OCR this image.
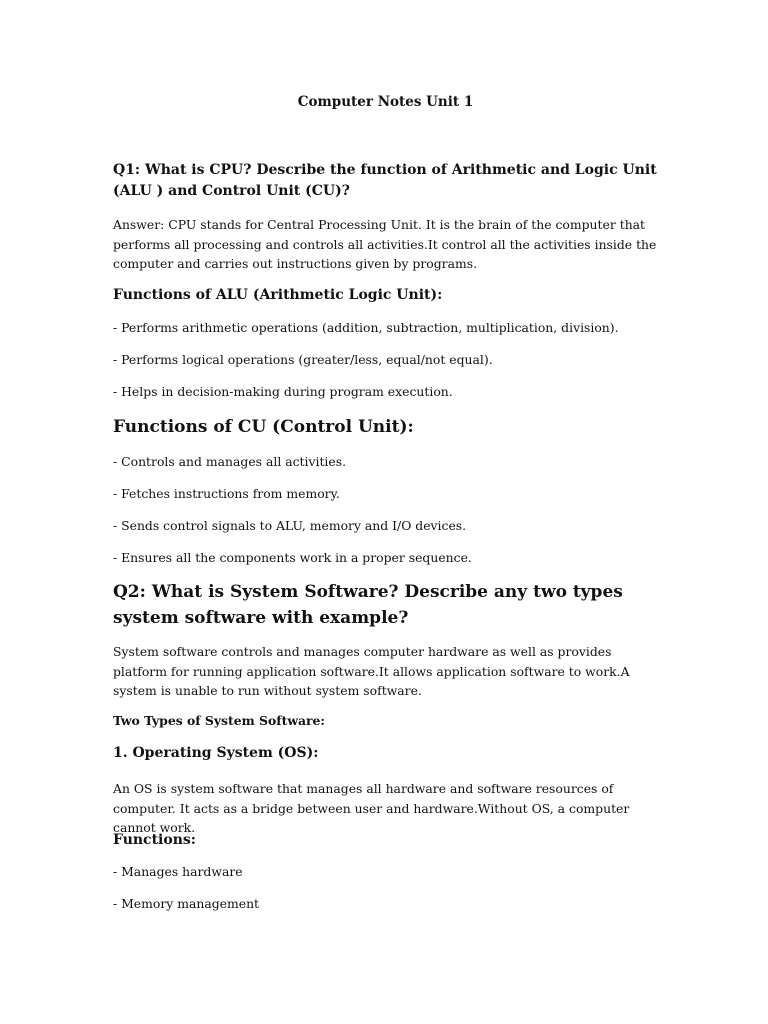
Computer Notes Unit 1

Q1: What is CPU? Describe the function of Arithmetic and Logic Unit (ALU ) and Control Unit (CU)?

Answer: CPU stands for Central Processing Unit. It is the brain of the computer that performs all processing and controls all activities.It control all the activities inside the computer and carries out instructions given by programs.

Functions of ALU (Arithmetic Logic Unit):

- Performs arithmetic operations (addition, subtraction, multiplication, division).

- Performs logical operations (greater/less, equal/not equal).

- Helps in decision-making during program execution.

Functions of CU (Control Unit):

- Controls and manages all activities.

- Fetches instructions from memory.

- Sends control signals to ALU, memory and I/O devices.

- Ensures all the components work in a proper sequence.

Q2: What is System Software? Describe any two types system software with example?

System software controls and manages computer hardware as well as provides platform for running application software.It allows application software to work.A system is unable to run without system software.

Two Types of System Software:

1. Operating System (OS):

An OS is system software that manages all hardware and software resources of computer. It acts as a bridge between user and hardware.Without OS, a computer cannot work.

Functions:

- Manages hardware

- Memory management
